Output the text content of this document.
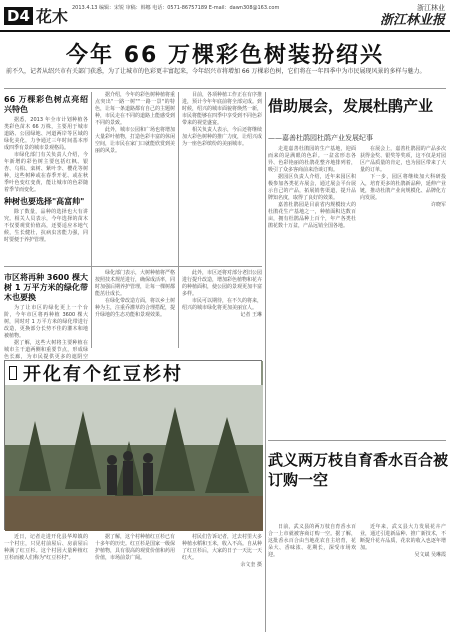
D4 花木 2013.4.13 编辑：宋锐 审稿：韩娜 电话：0571-86757189 E-mail：dawn308@163.com	浙江林业
浙江林业报
今年 66 万棵彩色树装扮绍兴
前不久，记者从绍兴市有关部门获悉，为了让城市的色彩更丰富起来，今年绍兴市将增加 66 万棵彩色树，它们将在一年四季中为市民展现风景的多样与魅力。
66 万棵彩色树点亮绍兴特色

据悉，2013 年全市计划种植各类彩色苗木 66 万株，主要用于城市道路、公园绿地、河道两岸等区域的绿化美化，力争通过三年时间基本形成四季有景的城市景观格局。

市绿化部门有关负责人介绍，今年新增的彩色树主要包括红枫、银杏、乌桕、栾树、紫叶李、樱花等树种，这些树种或在春季开花、或在秋季叶色变红变黄，能让城市的色彩随着季节而变化。

种树也要选择"高富帅"

除了数量，品种的选择也大有讲究。相关人员表示，今年选择的苗木不仅要观赏价值高，还要适应本地气候，生长健壮，抗病虫害能力强，同时要便于养护管理。

据介绍，今年的彩色树种植将重点突出"一路一树""一路一景"的特色，让每一条道路都有自己的主题树种，市民走在不同的道路上能感受到不同的景致。

此外，城市公园和广场也将增加大量彩叶植物，打造色彩丰富的休闲空间，让市民在家门口就能欣赏到美丽的风景。

目前，各项种植工作正在有序推进，预计今年年底前将全部完成。到时候，绍兴的城市面貌将焕然一新，市民将能够在四季中享受到不同色彩带来的视觉盛宴。

相关负责人表示，今后还将继续加大彩色树种的推广力度，让绍兴成为一座色彩缤纷的美丽城市。

市区将再种 3600 棵大树 1 万平方米的绿化带木也要换

为了让市区的绿化更上一个台阶，今年市区将再种植 3600 棵大树，同时对 1 万平方米的绿化带进行改造，更换部分长势不佳的灌木和地被植物。

据了解，这些大树将主要种植在城市主干道两侧和重要节点，形成绿色长廊，为市民提供更多的遮阴空

绿化部门表示，大树种植将严格按照技术规范进行，确保成活率，同时加强后期养护管理，让每一棵树都能茁壮成长。

在绿化带改造方面，将以乡土树种为主，注重乔灌草的合理搭配，提升绿地的生态功能和景观效果。

此外，市区还将对部分老旧公园进行提升改造，增加彩色植物和花卉的种植面积，使公园的景观更加丰富多样。

市民可以期待，在不久的将来，绍兴的城市绿化将更加美丽宜人。

记者 王琳
借助展会，发展杜鹃产业
——嘉善杜鹃园杜鹃产业发展纪事

走进嘉善杜鹃园的生产基地，迎面而来的是满眼的色彩。一盆盆形态各异、色彩艳丽的杜鹃花整齐地排列着，吸引了众多客商前来洽谈订购。

据园区负责人介绍，近年来园区积极参加各类花卉展会，通过展会平台展示自己的产品，拓展销售渠道，提升品牌知名度，取得了良好的效果。

嘉善杜鹃园是目前省内规模较大的杜鹃花生产基地之一，种植面积达数百亩，拥有杜鹃品种上百个，年产各类杜鹃花数十万盆，产品远销全国各地。

在展会上，嘉善杜鹃园的产品多次获得金奖、银奖等奖项，这不仅是对园区产品质量的肯定，也为园区带来了大量的订单。

下一步，园区将继续加大科研投入，培育更多的杜鹃新品种，延伸产业链，推动杜鹃产业向规模化、品牌化方向发展。

许晓军
武义两万枝自育香水百合被订购一空

日前，武义县的两万枝自育香水百合一上市就被客商订购一空。据了解，这批香水百合由当地花农自主培育，花朵大、香味浓、花期长，深受市场欢迎。

近年来，武义县大力发展花卉产业，通过引进新品种、推广新技术，不断提升花卉品质，花农的收入也逐年增加。

吴文斌 吴琳霞
开化有个红豆杉村

近日，记者走进开化县华埠镇的一个村庄，只见村前屋后、房前屋后种满了红豆杉。这个村因大量种植红豆杉而被人们称为"红豆杉村"。

据了解，这个村种植红豆杉已有十多年的历史。红豆杉是国家一级保护植物，具有很高的观赏价值和药用价值，市场前景广阔。

村民们告诉记者，过去村里大多种植水稻和玉米，收入不高。自从种了红豆杉后，大家的日子一天比一天红火。

余文奎 摄
